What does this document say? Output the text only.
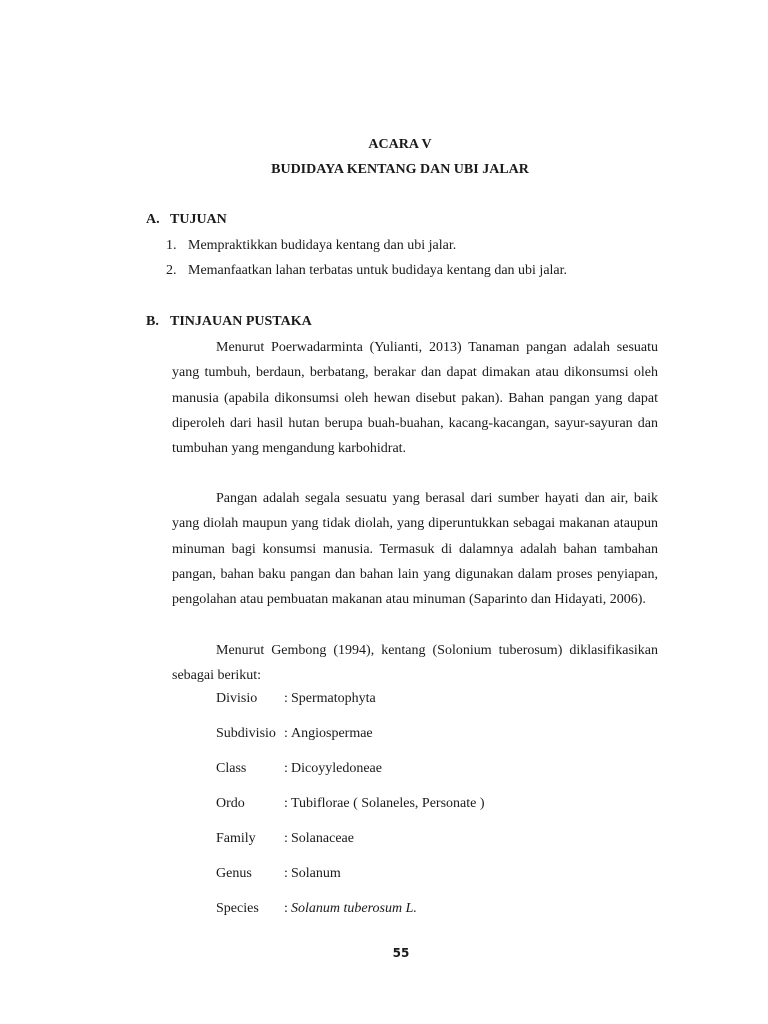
ACARA V
BUDIDAYA KENTANG DAN UBI JALAR
A. TUJUAN
1. Mempraktikkan budidaya kentang dan ubi jalar.
2. Memanfaatkan lahan terbatas untuk budidaya kentang dan ubi jalar.
B. TINJAUAN PUSTAKA

Menurut Poerwadarminta (Yulianti, 2013) Tanaman pangan adalah sesuatu yang tumbuh, berdaun, berbatang, berakar dan dapat dimakan atau dikonsumsi oleh manusia (apabila dikonsumsi oleh hewan disebut pakan). Bahan pangan yang dapat diperoleh dari hasil hutan berupa buah-buahan, kacang-kacangan, sayur-sayuran dan tumbuhan yang mengandung karbohidrat.

Pangan adalah segala sesuatu yang berasal dari sumber hayati dan air, baik yang diolah maupun yang tidak diolah, yang diperuntukkan sebagai makanan ataupun minuman bagi konsumsi manusia. Termasuk di dalamnya adalah bahan tambahan pangan, bahan baku pangan dan bahan lain yang digunakan dalam proses penyiapan, pengolahan atau pembuatan makanan atau minuman (Saparinto dan Hidayati, 2006).

Menurut Gembong (1994), kentang (Solonium tuberosum) diklasifikasikan sebagai berikut:

Divisio : Spermatophyta
Subdivisio : Angiospermae
Class	: Dicoyyledoneae
Ordo	: Tubiflorae ( Solaneles, Personate )
Family : Solanaceae
Genus : Solanum
Species : Solanum tuberosum L.
55
